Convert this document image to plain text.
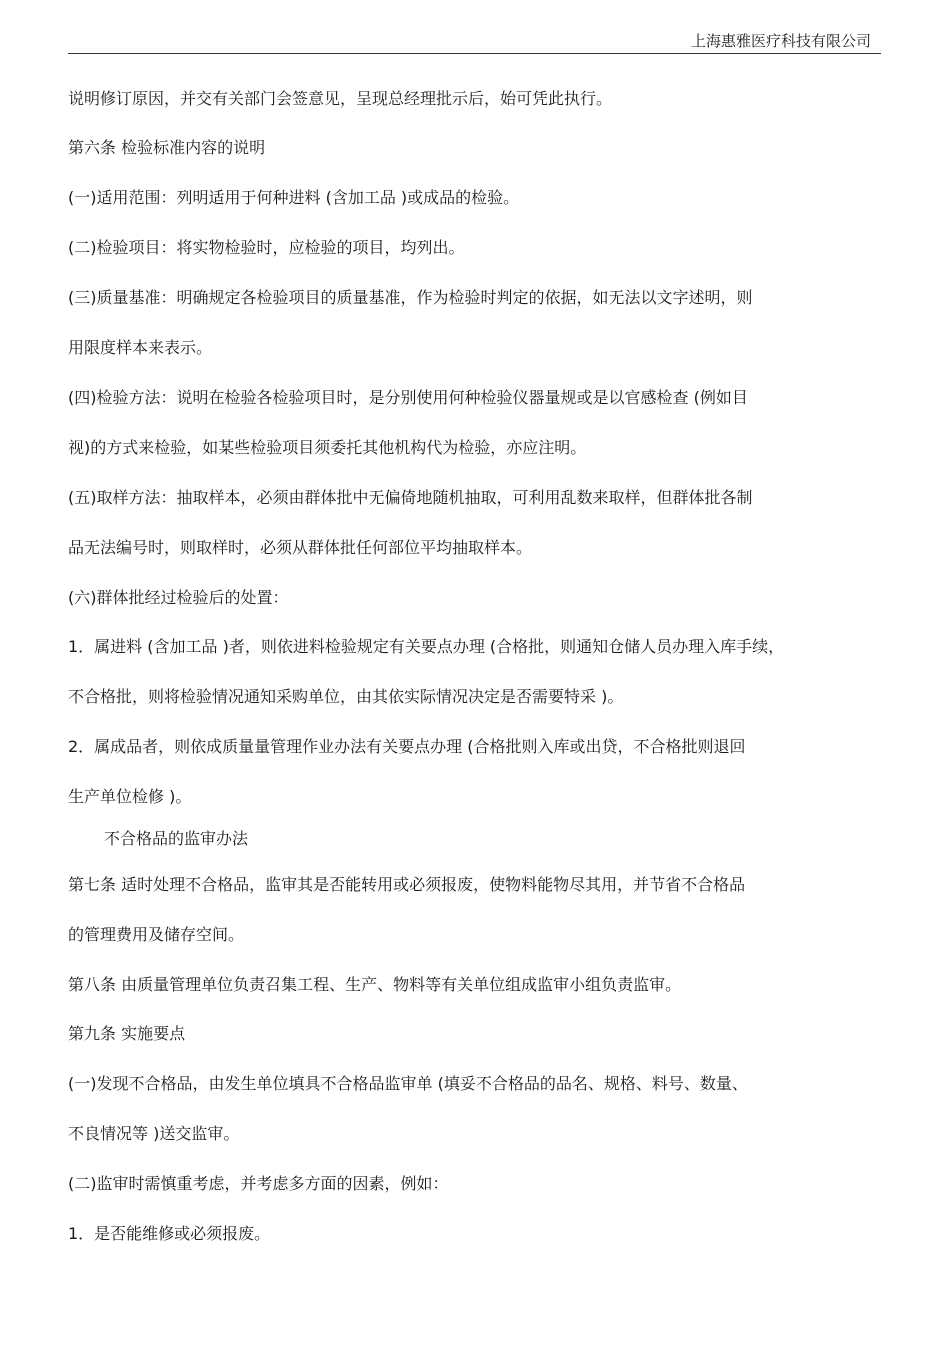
上海惠雅医疗科技有限公司
说明修订原因，并交有关部门会签意见，呈现总经理批示后，始可凭此执行。
第六条 检验标准内容的说明
(一)适用范围：列明适用于何种进料 (含加工品 )或成品的检验。
(二)检验项目：将实物检验时，应检验的项目，均列出。
(三)质量基准：明确规定各检验项目的质量基准，作为检验时判定的依据，如无法以文字述明，则
用限度样本来表示。
(四)检验方法：说明在检验各检验项目时，是分别使用何种检验仪器量规或是以官感检查 (例如目
视)的方式来检验，如某些检验项目须委托其他机构代为检验，亦应注明。
(五)取样方法：抽取样本，必须由群体批中无偏倚地随机抽取，可利用乱数来取样，但群体批各制
品无法编号时，则取样时，必须从群体批任何部位平均抽取样本。
(六)群体批经过检验后的处置：
1．属进料 (含加工品 )者，则依进料检验规定有关要点办理 (合格批，则通知仓储人员办理入库手续，
不合格批，则将检验情况通知采购单位，由其依实际情况决定是否需要特采 )。
2．属成品者，则依成质量量管理作业办法有关要点办理 (合格批则入库或出贷，不合格批则退回
生产单位检修 )。
不合格品的监审办法
第七条 适时处理不合格品，监审其是否能转用或必须报废，使物料能物尽其用，并节省不合格品
的管理费用及储存空间。
第八条 由质量管理单位负责召集工程、生产、物料等有关单位组成监审小组负责监审。
第九条 实施要点
(一)发现不合格品，由发生单位填具不合格品监审单 (填妥不合格品的品名、规格、料号、数量、
不良情况等 )送交监审。
(二)监审时需慎重考虑，并考虑多方面的因素，例如：
1．是否能维修或必须报废。
